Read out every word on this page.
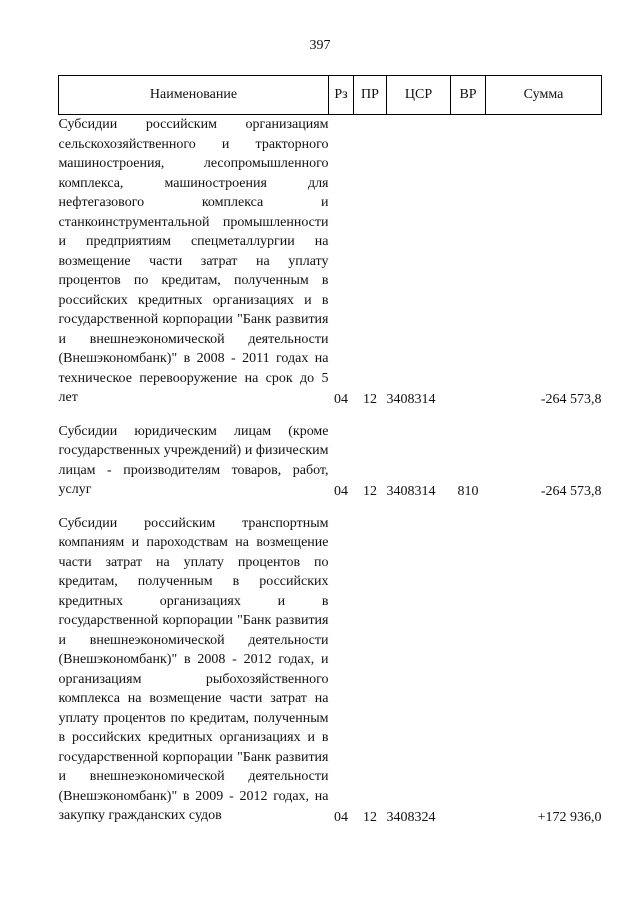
397
Наименование	Рз	ПР	ЦСР	ВР	Сумма
Субсидии российским организациям сельскохозяйственного и тракторного машиностроения, лесопромышленного комплекса, машиностроения для нефтегазового комплекса и станкоинструментальной промышленности и предприятиям спецметаллургии на возмещение части затрат на уплату процентов по кредитам, полученным в российских кредитных организациях и в государственной корпорации "Банк развития и внешнеэкономической деятельности (Внешэкономбанк)" в 2008 - 2011 годах на техническое перевооружение на срок до 5 лет	04	12	3408314		-264 573,8

Субсидии юридическим лицам (кроме государственных учреждений) и физическим лицам - производителям товаров, работ, услуг	04	12	3408314	810	-264 573,8

Субсидии российским транспортным компаниям и пароходствам на возмещение части затрат на уплату процентов по кредитам, полученным в российских кредитных организациях и в государственной корпорации "Банк развития и внешнеэкономической деятельности (Внешэкономбанк)" в 2008 - 2012 годах, и организациям рыбохозяйственного комплекса на возмещение части затрат на уплату процентов по кредитам, полученным в российских кредитных организациях и в государственной корпорации "Банк развития и внешнеэкономической деятельности (Внешэкономбанк)" в 2009 - 2012 годах, на закупку гражданских судов	04	12	3408324		+172 936,0
